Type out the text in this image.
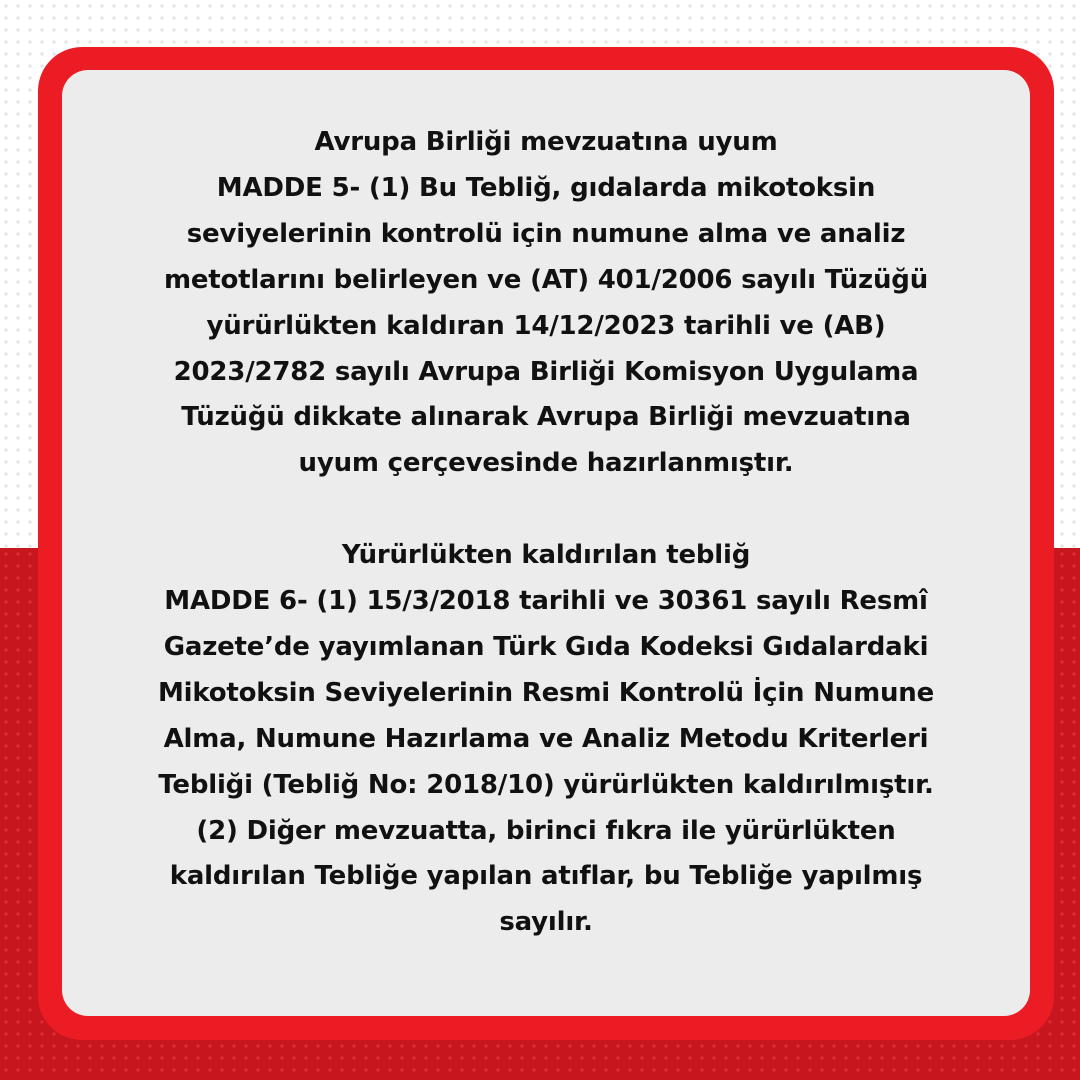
Avrupa Birliği mevzuatına uyum
MADDE 5- (1) Bu Tebliğ, gıdalarda mikotoksin
seviyelerinin kontrolü için numune alma ve analiz
metotlarını belirleyen ve (AT) 401/2006 sayılı Tüzüğü
yürürlükten kaldıran 14/12/2023 tarihli ve (AB)
2023/2782 sayılı Avrupa Birliği Komisyon Uygulama
Tüzüğü dikkate alınarak Avrupa Birliği mevzuatına
uyum çerçevesinde hazırlanmıştır.
Yürürlükten kaldırılan tebliğ
MADDE 6- (1) 15/3/2018 tarihli ve 30361 sayılı Resmî
Gazete’de yayımlanan Türk Gıda Kodeksi Gıdalardaki
Mikotoksin Seviyelerinin Resmi Kontrolü İçin Numune
Alma, Numune Hazırlama ve Analiz Metodu Kriterleri
Tebliği (Tebliğ No: 2018/10) yürürlükten kaldırılmıştır.
(2) Diğer mevzuatta, birinci fıkra ile yürürlükten
kaldırılan Tebliğe yapılan atıflar, bu Tebliğe yapılmış
sayılır.
